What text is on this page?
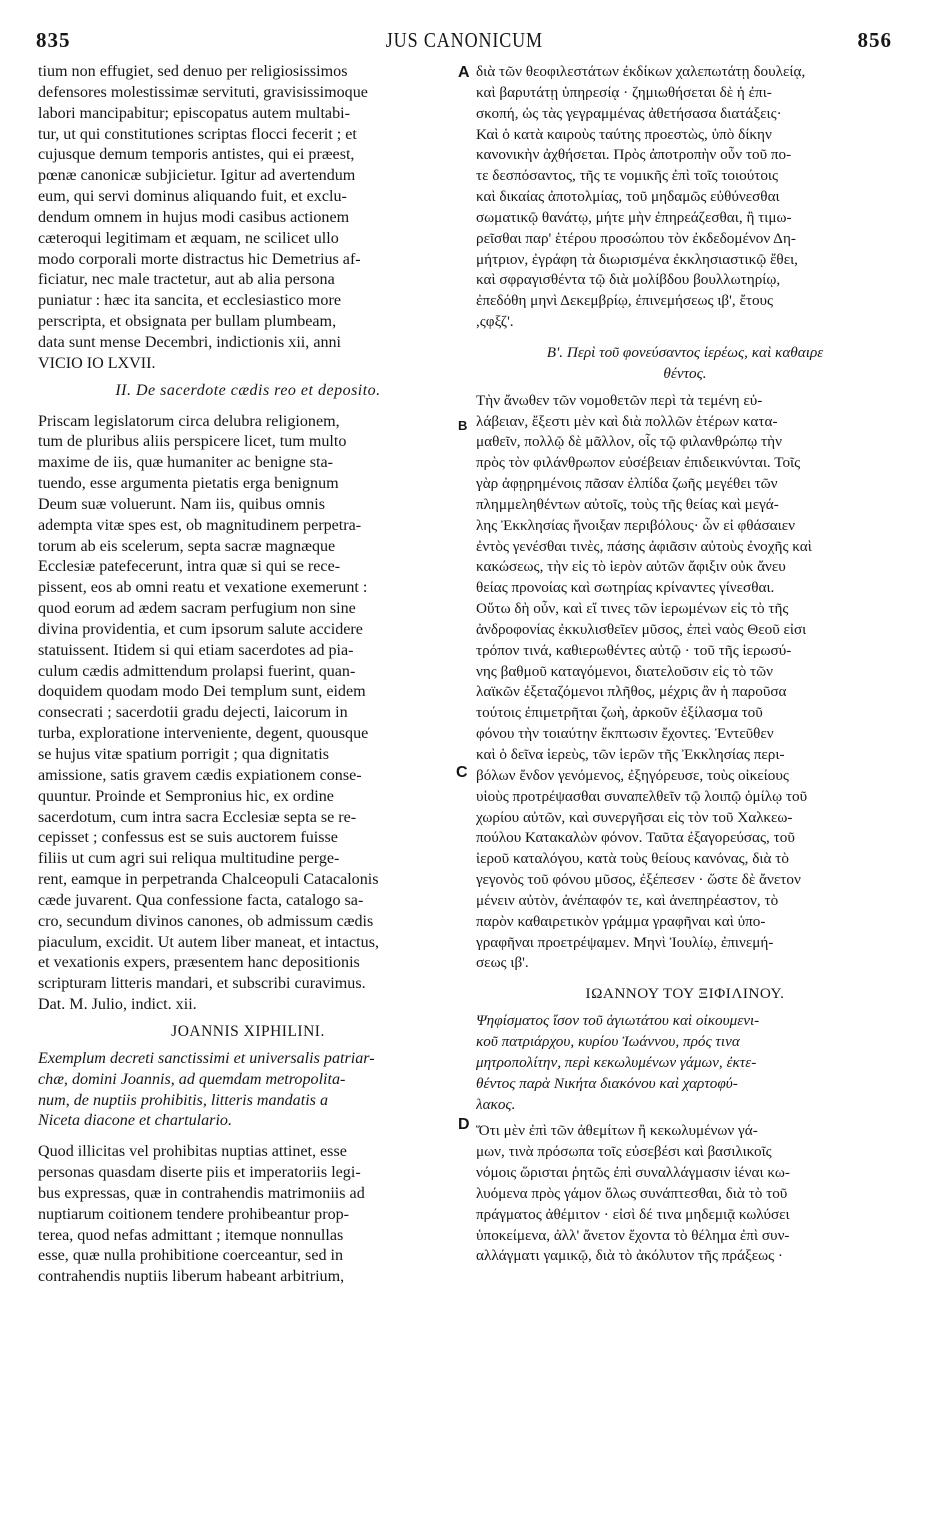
835	JUS CANONICUM	856
tium non effugiet, sed denuo per religiosissimos
defensores molestissimæ servituti, gravisissimoque
labori mancipabitur; episcopatus autem multabi-
tur, ut qui constitutiones scriptas flocci fecerit ; et
cujusque demum temporis antistes, qui ei præest,
pœnæ canonicæ subjicietur. Igitur ad avertendum
eum, qui servi dominus aliquando fuit, et exclu-
dendum omnem in hujus modi casibus actionem
cæteroqui legitimam et æquam, ne scilicet ullo
modo corporali morte distractus hic Demetrius af-
ficiatur, nec male tractetur, aut ab alia persona
puniatur : hæc ita sancita, et ecclesiastico more
perscripta, et obsignata per bullam plumbeam,
data sunt mense Decembri, indictionis xii, anni
VICIO IO LXVII.
II. De sacerdote cædis reo et deposito.
Priscam legislatorum circa delubra religionem,
tum de pluribus aliis perspicere licet, tum multo
maxime de iis, quæ humaniter ac benigne sta-
tuendo, esse argumenta pietatis erga benignum
Deum suæ voluerunt. Nam iis, quibus omnis
adempta vitæ spes est, ob magnitudinem perpetra-
torum ab eis scelerum, septa sacræ magnæque
Ecclesiæ patefecerunt, intra quæ si qui se rece-
pissent, eos ab omni reatu et vexatione exemerunt :
quod eorum ad ædem sacram perfugium non sine
divina providentia, et cum ipsorum salute accidere
statuissent. Itidem si qui etiam sacerdotes ad pia-
culum cædis admittendum prolapsi fuerint, quan-
doquidem quodam modo Dei templum sunt, eidem
consecrati ; sacerdotii gradu dejecti, laicorum in
turba, exploratione interveniente, degent, quousque
se hujus vitæ spatium porrigit ; qua dignitatis
amissione, satis gravem cædis expiationem conse-
quuntur. Proinde et Sempronius hic, ex ordine
sacerdotum, cum intra sacra Ecclesiæ septa se re-
cepisset ; confessus est se suis auctorem fuisse
filiis ut cum agri sui reliqua multitudine perge-
rent, eamque in perpetranda Chalceopuli Catacalonis
cæde juvarent. Qua confessione facta, catalogo sa-
cro, secundum divinos canones, ob admissum cædis
piaculum, excidit. Ut autem liber maneat, et intactus,
et vexationis expers, præsentem hanc depositionis
scripturam litteris mandari, et subscribi curavimus.
Dat. M. Julio, indict. xii.
JOANNIS XIPHILINI.
Exemplum decreti sanctissimi et universalis patriar-
chæ, domini Joannis, ad quemdam metropolita-
num, de nuptiis prohibitis, litteris mandatis a
Niceta diacone et chartulario.
Quod illicitas vel prohibitas nuptias attinet, esse
personas quasdam diserte piis et imperatoriis legi-
bus expressas, quæ in contrahendis matrimoniis ad
nuptiarum coitionem tendere prohibeantur prop-
terea, quod nefas admittant ; itemque nonnullas
esse, quæ nulla prohibitione coerceantur, sed in
contrahendis nuptiis liberum habeant arbitrium,
διὰ τῶν θεοφιλεστάτων ἐκδίκων χαλεπωτάτῃ δουλείᾳ,
καὶ βαρυτάτῃ ὑπηρεσίᾳ · ζημιωθήσεται δὲ ἡ ἐπι-
σκοπή, ὡς τὰς γεγραμμένας ἀθετήσασα διατάξεις·
Καὶ ὁ κατὰ καιροὺς ταύτης προεστὼς, ὑπὸ δίκην
κανονικὴν ἀχθήσεται. Πρὸς ἀποτροπὴν οὖν τοῦ πο-
τε δεσπόσαντος, τῆς τε νομικῆς ἐπὶ τοῖς τοιούτοις
καὶ δικαίας ἀποτολμίας, τοῦ μηδαμῶς εὐθύνεσθαι
σωματικῷ θανάτῳ, μήτε μὴν ἐπηρεάζεσθαι, ἢ τιμω-
ρεῖσθαι παρ' ἑτέρου προσώπου τὸν ἐκδεδομένον Δη-
μήτριον, ἐγράφη τὰ διωρισμένα ἐκκλησιαστικῷ ἔθει,
καὶ σφραγισθέντα τῷ διὰ μολίβδου βουλλωτηρίῳ,
ἐπεδόθη μηνὶ Δεκεμβρίῳ, ἐπινεμήσεως ιβ', ἔτους
,ςφξζ'.
Β'. Περὶ τοῦ φονεύσαντος ἱερέως, καὶ καθαιρε
θέντος.
Τὴν ἄνωθεν τῶν νομοθετῶν περὶ τὰ τεμένη εὐ-
λάβειαν, ἔξεστι μὲν καὶ διὰ πολλῶν ἑτέρων κατα-
μαθεῖν, πολλῷ δὲ μᾶλλον, οἷς τῷ φιλανθρώπῳ τὴν
πρὸς τὸν φιλάνθρωπον εὐσέβειαν ἐπιδεικνύνται. Τοῖς
γὰρ ἀφῃρημένοις πᾶσαν ἐλπίδα ζωῆς μεγέθει τῶν
πλημμεληθέντων αὐτοῖς, τοὺς τῆς θείας καὶ μεγά-
λης Ἐκκλησίας ἤνοιξαν περιβόλους· ὧν εἰ φθάσαιεν
ἐντὸς γενέσθαι τινὲς, πάσης ἀφιᾶσιν αὐτοὺς ἐνοχῆς καὶ
κακώσεως, τὴν εἰς τὸ ἱερὸν αὐτῶν ἄφιξιν οὐκ ἄνευ
θείας προνοίας καὶ σωτηρίας κρίναντες γίνεσθαι.
Οὕτω δὴ οὖν, καὶ εἴ τινες τῶν ἱερωμένων εἰς τὸ τῆς
ἀνδροφονίας ἐκκυλισθεῖεν μῦσος, ἐπεὶ ναὸς Θεοῦ εἰσι
τρόπον τινά, καθιερωθέντες αὐτῷ · τοῦ τῆς ἱερωσύ-
νης βαθμοῦ καταγόμενοι, διατελοῦσιν εἰς τὸ τῶν
λαϊκῶν ἐξεταζόμενοι πλῆθος, μέχρις ἂν ἡ παροῦσα
τούτοις ἐπιμετρῆται ζωὴ, ἀρκοῦν ἐξίλασμα τοῦ
φόνου τὴν τοιαύτην ἔκπτωσιν ἔχοντες. Ἐντεῦθεν
καὶ ὁ δεῖνα ἱερεὺς, τῶν ἱερῶν τῆς Ἐκκλησίας περι-
βόλων ἔνδον γενόμενος, ἐξηγόρευσε, τοὺς οἰκείους
υἱοὺς προτρέψασθαι συναπελθεῖν τῷ λοιπῷ ὁμίλῳ τοῦ
χωρίου αὐτῶν, καὶ συνεργῆσαι εἰς τὸν τοῦ Χαλκεω-
πούλου Κατακαλὼν φόνον. Ταῦτα ἐξαγορεύσας, τοῦ
ἱεροῦ καταλόγου, κατὰ τοὺς θείους κανόνας, διὰ τὸ
γεγονὸς τοῦ φόνου μῦσος, ἐξέπεσεν · ὥστε δὲ ἄνετον
μένειν αὐτὸν, ἀνέπαφόν τε, καὶ ἀνεπηρέαστον, τὸ
παρὸν καθαιρετικὸν γράμμα γραφῆναι καὶ ὑπο-
γραφῆναι προετρέψαμεν. Μηνὶ Ἰουλίῳ, ἐπινεμή-
σεως ιβ'.
ΙΩΑΝΝΟΥ ΤΟΥ ΞΙΦΙΛΙΝΟΥ.
Ψηφίσματος ἴσον τοῦ ἁγιωτάτου καὶ οἰκουμενι-
κοῦ πατριάρχου, κυρίου Ἰωάννου, πρός τινα
μητροπολίτην, περὶ κεκωλυμένων γάμων, ἐκτε-
θέντος παρὰ Νικήτα διακόνου καὶ χαρτοφύ-
λακος.
Ὅτι μὲν ἐπὶ τῶν ἀθεμίτων ἢ κεκωλυμένων γά-
μων, τινὰ πρόσωπα τοῖς εὐσεβέσι καὶ βασιλικοῖς
νόμοις ὥρισται ῥητῶς ἐπὶ συναλλάγμασιν ἰέναι κω-
λυόμενα πρὸς γάμον ὅλως συνάπτεσθαι, διὰ τὸ τοῦ
πράγματος ἀθέμιτον · εἰσὶ δέ τινα μηδεμιᾷ κωλύσει
ὑποκείμενα, ἀλλ' ἄνετον ἔχοντα τὸ θέλημα ἐπὶ συν-
αλλάγματι γαμικῷ, διὰ τὸ ἀκόλυτον τῆς πράξεως ·
A
B
C
D
